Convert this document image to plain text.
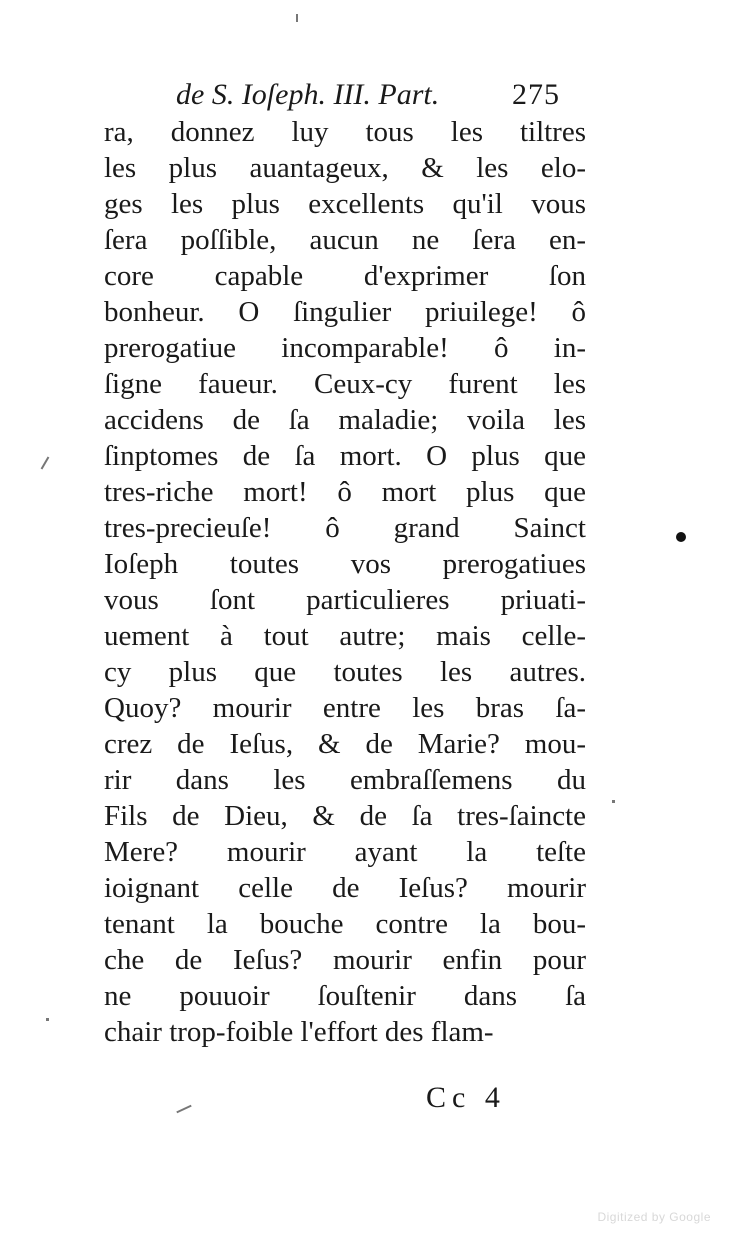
de S. Ioſeph. III. Part. 275
ra, donnez luy tous les tiltres
les plus auantageux, & les elo-
ges les plus excellents qu'il vous
ſera poſſible, aucun ne ſera en-
core capable d'exprimer ſon
bonheur. O ſingulier priuilege! ô
prerogatiue incomparable! ô in-
ſigne faueur. Ceux-cy furent les
accidens de ſa maladie; voila les
ſinptomes de ſa mort. O plus que
tres-riche mort! ô mort plus que
tres-precieuſe! ô grand Sainct
Ioſeph toutes vos prerogatiues
vous ſont particulieres priuati-
uement à tout autre; mais celle-
cy plus que toutes les autres.
Quoy? mourir entre les bras ſa-
crez de Ieſus, & de Marie? mou-
rir dans les embraſſemens du
Fils de Dieu, & de ſa tres-ſaincte
Mere? mourir ayant la teſte
ioignant celle de Ieſus? mourir
tenant la bouche contre la bou-
che de Ieſus? mourir enfin pour
ne pouuoir ſouſtenir dans ſa
chair trop-foible l'effort des flam-
Cc 4
Digitized by Google
